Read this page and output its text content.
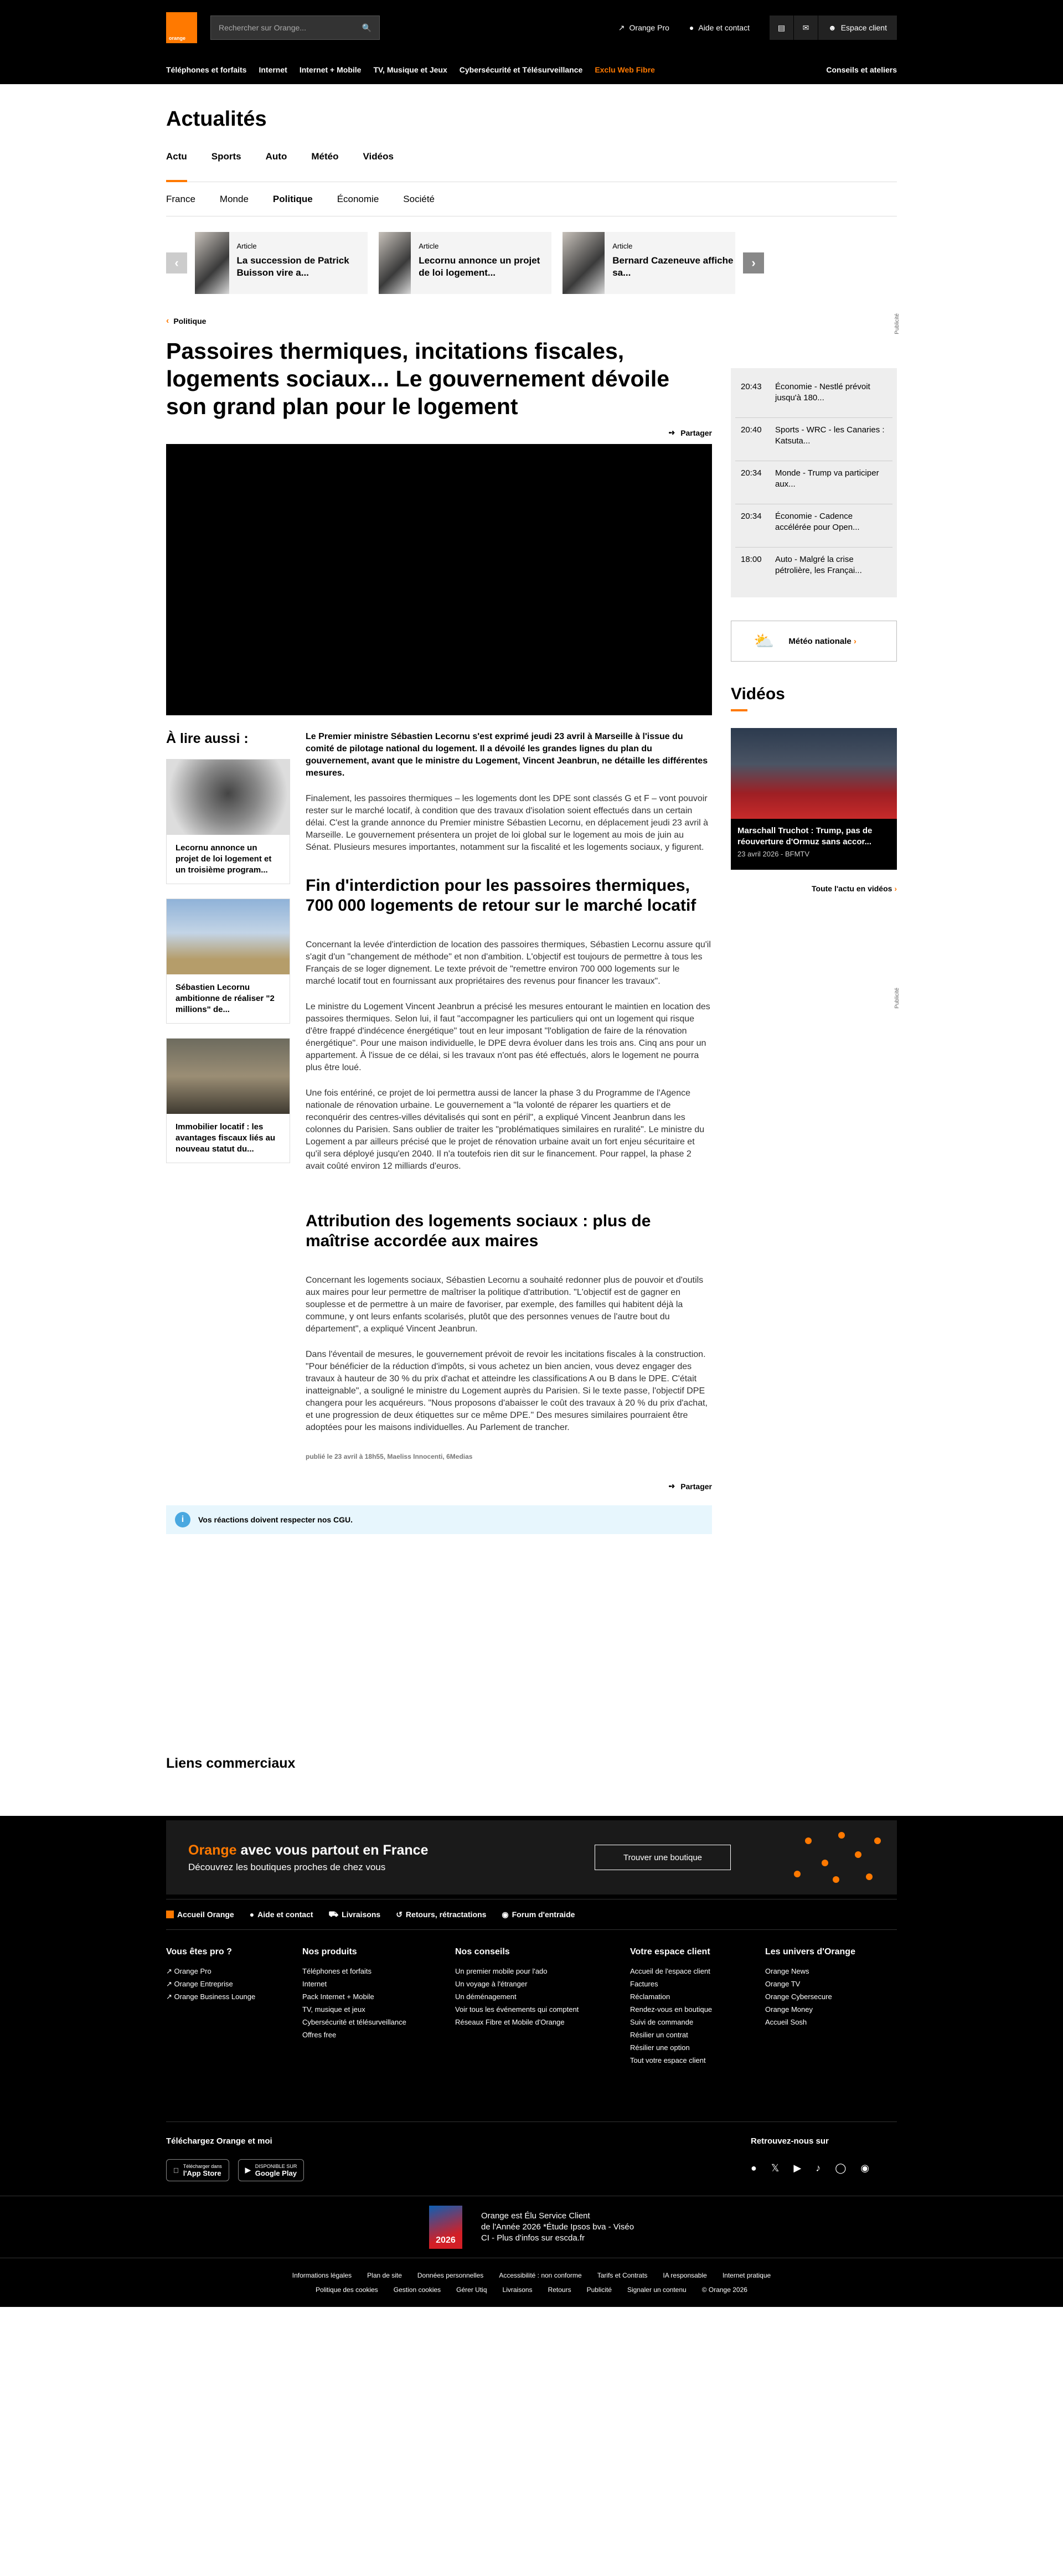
orange
Rechercher sur Orange...	🔍	↗ Orange Pro	● Aide et contact	▤	✉	☻ Espace client
Téléphones et forfaits Internet Internet + Mobile TV, Musique et Jeux Cybersécurité et Télésurveillance Exclu Web Fibre	Conseils et ateliers
Actualités
Actu	Sports	Auto	Météo	Vidéos
France	Monde	Politique	Économie	Société
‹
Article
La succession de Patrick Buisson vire a...
Article
Lecornu annonce un projet de loi logement...
Article
Bernard Cazeneuve affiche sa...
›
Publicité
Publicité
‹ Politique
Passoires thermiques, incitations fiscales, logements sociaux... Le gouvernement dévoile son grand plan pour le logement
➺ Partager
À lire aussi :
Lecornu annonce un projet de loi logement et un troisième program...
Sébastien Lecornu ambitionne de réaliser "2 millions" de...
Immobilier locatif : les avantages fiscaux liés au nouveau statut du...

Le Premier ministre Sébastien Lecornu s'est exprimé jeudi 23 avril à Marseille à l'issue du comité de pilotage national du logement. Il a dévoilé les grandes lignes du plan du gouvernement, avant que le ministre du Logement, Vincent Jeanbrun, ne détaille les différentes mesures.

Finalement, les passoires thermiques – les logements dont les DPE sont classés G et F – vont pouvoir rester sur le marché locatif, à condition que des travaux d'isolation soient effectués dans un certain délai. C'est la grande annonce du Premier ministre Sébastien Lecornu, en déplacement jeudi 23 avril à Marseille. Le gouvernement présentera un projet de loi global sur le logement au mois de juin au Sénat. Plusieurs mesures importantes, notamment sur la fiscalité et les logements sociaux, y figurent.

Fin d'interdiction pour les passoires thermiques, 700 000 logements de retour sur le marché locatif

Concernant la levée d'interdiction de location des passoires thermiques, Sébastien Lecornu assure qu'il s'agit d'un "changement de méthode" et non d'ambition. L'objectif est toujours de permettre à tous les Français de se loger dignement. Le texte prévoit de "remettre environ 700 000 logements sur le marché locatif tout en fournissant aux propriétaires des revenus pour financer les travaux".

Le ministre du Logement Vincent Jeanbrun a précisé les mesures entourant le maintien en location des passoires thermiques. Selon lui, il faut "accompagner les particuliers qui ont un logement qui risque d'être frappé d'indécence énergétique" tout en leur imposant "l'obligation de faire de la rénovation énergétique". Pour une maison individuelle, le DPE devra évoluer dans les trois ans. Cinq ans pour un appartement. À l'issue de ce délai, si les travaux n'ont pas été effectués, alors le logement ne pourra plus être loué.

Une fois entériné, ce projet de loi permettra aussi de lancer la phase 3 du Programme de l'Agence nationale de rénovation urbaine. Le gouvernement a "la volonté de réparer les quartiers et de reconquérir des centres-villes dévitalisés qui sont en péril", a expliqué Vincent Jeanbrun dans les colonnes du Parisien. Sans oublier de traiter les "problématiques similaires en ruralité". Le ministre du Logement a par ailleurs précisé que le projet de rénovation urbaine avait un fort enjeu sécuritaire et qu'il sera déployé jusqu'en 2040. Il n'a toutefois rien dit sur le financement. Pour rappel, la phase 2 avait coûté environ 12 milliards d'euros.

Attribution des logements sociaux : plus de maîtrise accordée aux maires

Concernant les logements sociaux, Sébastien Lecornu a souhaité redonner plus de pouvoir et d'outils aux maires pour leur permettre de maîtriser la politique d'attribution. "L'objectif est de gagner en souplesse et de permettre à un maire de favoriser, par exemple, des familles qui habitent déjà la commune, y ont leurs enfants scolarisés, plutôt que des personnes venues de l'autre bout du département", a expliqué Vincent Jeanbrun.

Dans l'éventail de mesures, le gouvernement prévoit de revoir les incitations fiscales à la construction. "Pour bénéficier de la réduction d'impôts, si vous achetez un bien ancien, vous devez engager des travaux à hauteur de 30 % du prix d'achat et atteindre les classifications A ou B dans le DPE. C'était inatteignable", a souligné le ministre du Logement auprès du Parisien. Si le texte passe, l'objectif DPE changera pour les acquéreurs. "Nous proposons d'abaisser le coût des travaux à 20 % du prix d'achat, et une progression de deux étiquettes sur ce même DPE." Des mesures similaires pourraient être adoptées pour les maisons individuelles. Au Parlement de trancher.

publié le 23 avril à 18h55, Maeliss Innocenti, 6Medias
➺ Partager
i	Vos réactions doivent respecter nos CGU.
20:43 Économie - Nestlé prévoit jusqu'à 180...
20:40 Sports - WRC - les Canaries : Katsuta...
20:34 Monde - Trump va participer aux...
20:34 Économie - Cadence accélérée pour Open...
18:00 Auto - Malgré la crise pétrolière, les Françai...
⛅ Météo nationale ›
Vidéos
Marschall Truchot : Trump, pas de réouverture d'Ormuz sans accor...
23 avril 2026 - BFMTV
Toute l'actu en vidéos ›
Liens commerciaux
Orange avec vous partout en France
Découvrez les boutiques proches de chez vous
Trouver une boutique
Accueil Orange ● Aide et contact ⛟ Livraisons ↺ Retours, rétractations ◉ Forum d'entraide
Vous êtes pro ?
↗ Orange Pro
↗ Orange Entreprise
↗ Orange Business Lounge
Nos produits
Téléphones et forfaits
Internet
Pack Internet + Mobile
TV, musique et jeux
Cybersécurité et télésurveillance
Offres free
Nos conseils
Un premier mobile pour l'ado
Un voyage à l'étranger
Un déménagement
Voir tous les événements qui comptent
Réseaux Fibre et Mobile d'Orange
Votre espace client
Accueil de l'espace client
Factures
Réclamation
Rendez-vous en boutique
Suivi de commande
Résilier un contrat
Résilier une option
Tout votre espace client
Les univers d'Orange
Orange News
Orange TV
Orange Cybersecure
Orange Money
Accueil Sosh
Téléchargez Orange et moi
Télécharger dans
l'App Store	▶ DISPONIBLE SUR
Google Play
Retrouvez-nous sur
● 𝕏 ▶ ♪ ◯ ◉
2026
Orange est Élu Service Client
de l'Année 2026 *Étude Ipsos bva - Viséo
CI - Plus d'infos sur escda.fr
Informations légales Plan de site Données personnelles Accessibilité : non conforme Tarifs et Contrats IA responsable Internet pratique
Politique des cookies Gestion cookies Gérer Utiq Livraisons Retours Publicité Signaler un contenu © Orange 2026
